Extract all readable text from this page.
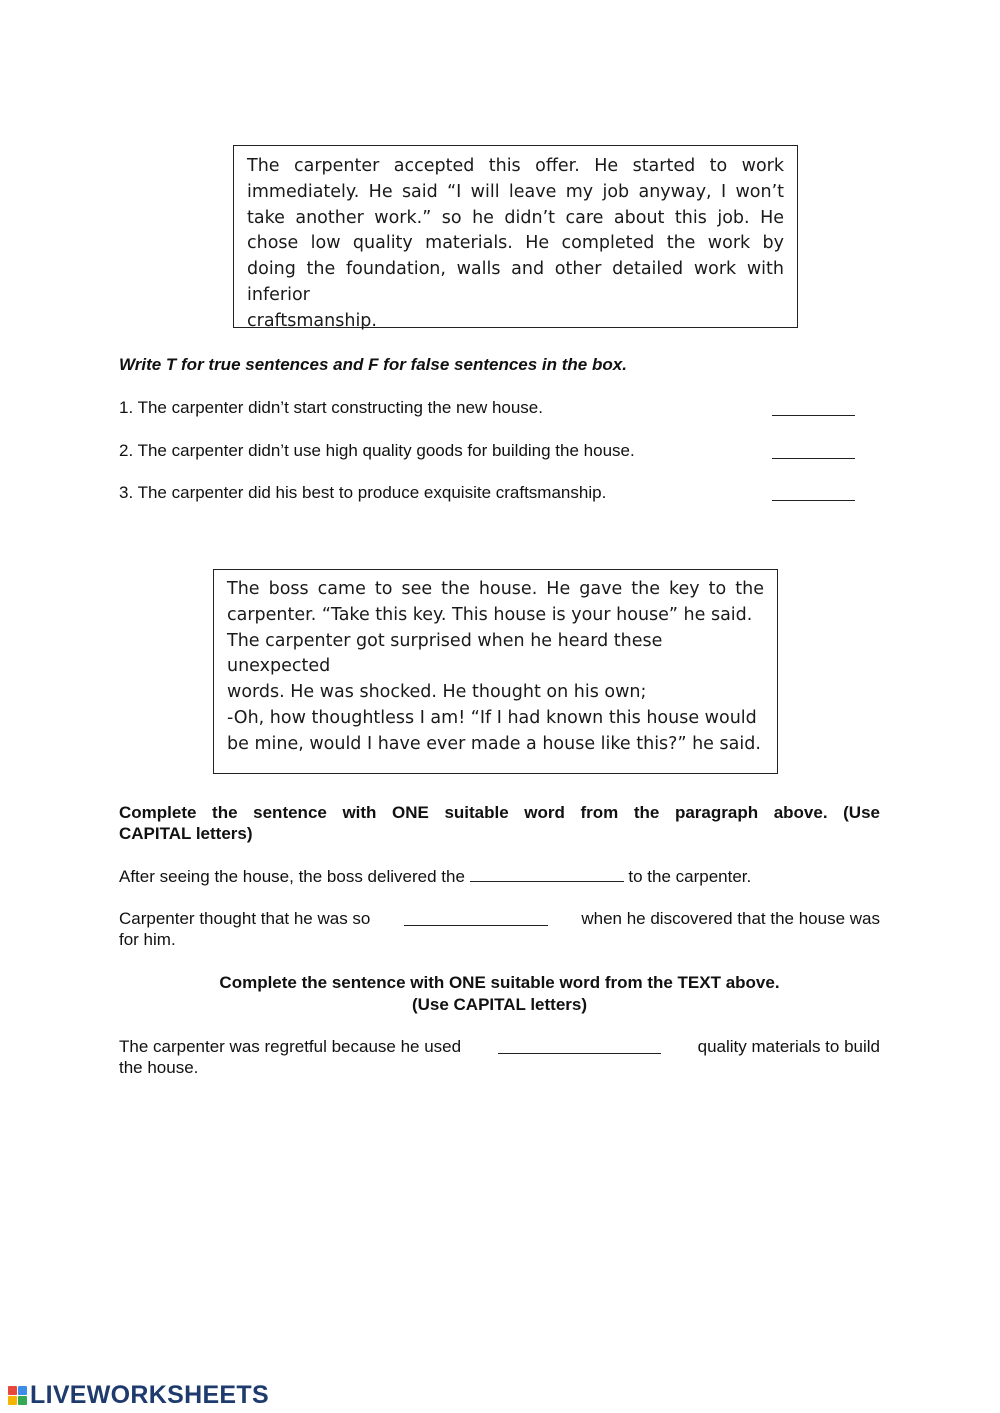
The carpenter accepted this offer. He started to work immediately. He said “I will leave my job anyway, I won’t take another work.” so he didn’t care about this job. He chose low quality materials. He completed the work by doing the foundation, walls and other detailed work with inferior

craftsmanship.

Write T for true sentences and F for false sentences in the box.
1. The carpenter didn’t start constructing the new house.
2. The carpenter didn’t use high quality goods for building the house.
3. The carpenter did his best to produce exquisite craftsmanship.

The boss came to see the house. He gave the key to the

carpenter. “Take this key. This house is your house” he said.

The carpenter got surprised when he heard these unexpected

words. He was shocked. He thought on his own;

-Oh, how thoughtless I am! “If I had known this house would

be mine, would I have ever made a house like this?” he said.

Complete the sentence with ONE suitable word from the paragraph above. (Use
CAPITAL letters)
After seeing the house, the boss delivered the	to the carpenter.
Carpenter thought that he was so	when he discovered that the house was
for him.
Complete the sentence with ONE suitable word from the TEXT above.
(Use CAPITAL letters)
The carpenter was regretful because he used	quality materials to build
the house.
LIVEWORKSHEETS
